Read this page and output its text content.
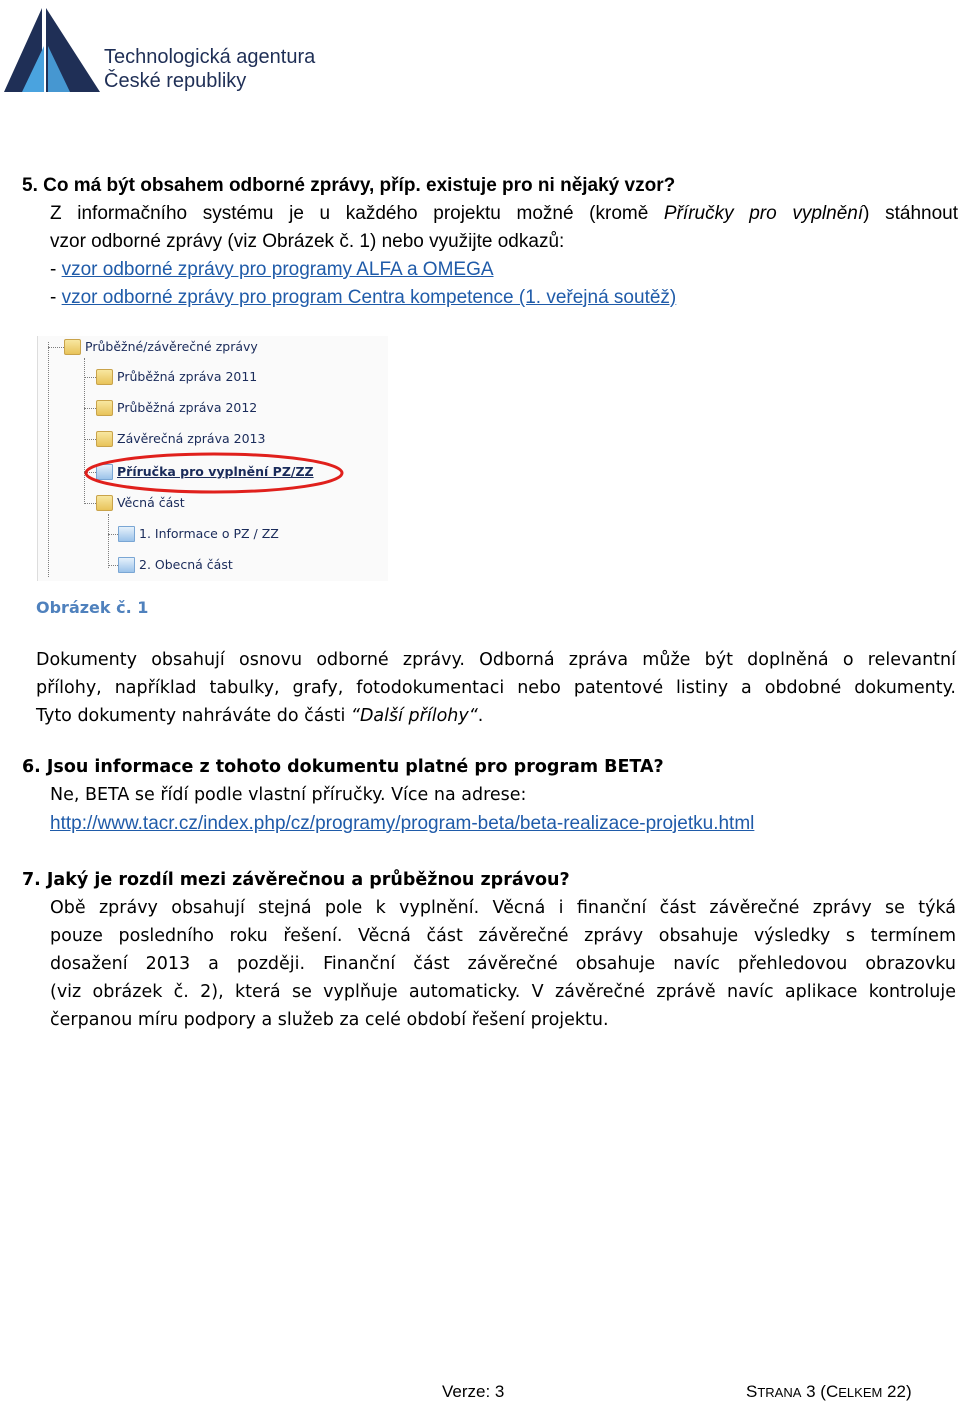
Technologická agentura
České republiky
5. Co má být obsahem odborné zprávy, příp. existuje pro ni nějaký vzor?
Z informačního systému je u každého projektu možné (kromě Příručky pro vyplnění) stáhnout
vzor odborné zprávy (viz Obrázek č. 1) nebo využijte odkazů:
- vzor odborné zprávy pro programy ALFA a OMEGA
- vzor odborné zprávy pro program Centra kompetence (1. veřejná soutěž)
Průběžné/závěrečné zprávy
Průběžná zpráva 2011
Průběžná zpráva 2012
Závěrečná zpráva 2013
Příručka pro vyplnění PZ/ZZ
Věcná část
1. Informace o PZ / ZZ
2. Obecná část
Obrázek č. 1
Dokumenty obsahují osnovu odborné zprávy. Odborná zpráva může být doplněná o relevantní
přílohy, například tabulky, grafy, fotodokumentaci nebo patentové listiny a obdobné dokumenty.
Tyto dokumenty nahráváte do části “Další přílohy“.
6. Jsou informace z tohoto dokumentu platné pro program BETA?
Ne, BETA se řídí podle vlastní příručky. Více na adrese:
http://www.tacr.cz/index.php/cz/programy/program-beta/beta-realizace-projetku.html
7. Jaký je rozdíl mezi závěrečnou a průběžnou zprávou?
Obě zprávy obsahují stejná pole k vyplnění. Věcná i finanční část závěrečné zprávy se týká
pouze posledního roku řešení. Věcná část závěrečné zprávy obsahuje výsledky s termínem
dosažení 2013 a později. Finanční část závěrečné obsahuje navíc přehledovou obrazovku
(viz obrázek č. 2), která se vyplňuje automaticky. V závěrečné zprávě navíc aplikace kontroluje
čerpanou míru podpory a služeb za celé období řešení projektu.
Verze: 3	STRANA 3 (CELKEM 22)
